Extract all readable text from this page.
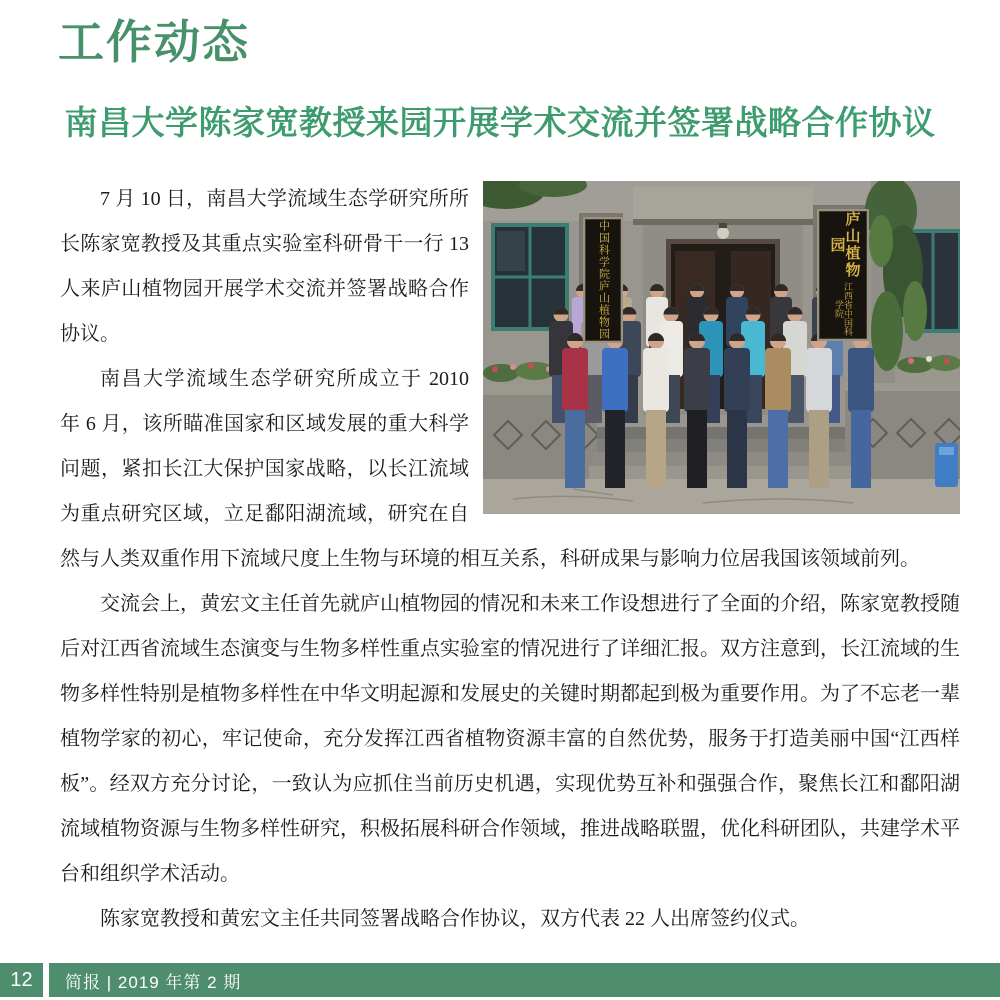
工作动态
南昌大学陈家宽教授来园开展学术交流并签署战略合作协议
中国科学院庐山植物园	庐山植物园
江西省中国科学院

7 月 10 日，南昌大学流域生态学研究所所长陈家宽教授及其重点实验室科研骨干一行 13 人来庐山植物园开展学术交流并签署战略合作协议。

南昌大学流域生态学研究所成立于 2010 年 6 月，该所瞄准国家和区域发展的重大科学问题，紧扣长江大保护国家战略，以长江流域为重点研究区域，立足鄱阳湖流域，研究在自然与人类双重作用下流域尺度上生物与环境的相互关系，科研成果与影响力位居我国该领域前列。

交流会上，黄宏文主任首先就庐山植物园的情况和未来工作设想进行了全面的介绍，陈家宽教授随后对江西省流域生态演变与生物多样性重点实验室的情况进行了详细汇报。双方注意到，长江流域的生物多样性特别是植物多样性在中华文明起源和发展史的关键时期都起到极为重要作用。为了不忘老一辈植物学家的初心，牢记使命，充分发挥江西省植物资源丰富的自然优势，服务于打造美丽中国“江西样板”。经双方充分讨论，一致认为应抓住当前历史机遇，实现优势互补和强强合作，聚焦长江和鄱阳湖流域植物资源与生物多样性研究，积极拓展科研合作领域，推进战略联盟，优化科研团队，共建学术平台和组织学术活动。

陈家宽教授和黄宏文主任共同签署战略合作协议，双方代表 22 人出席签约仪式。

12	简报 | 2019 年第 2 期
